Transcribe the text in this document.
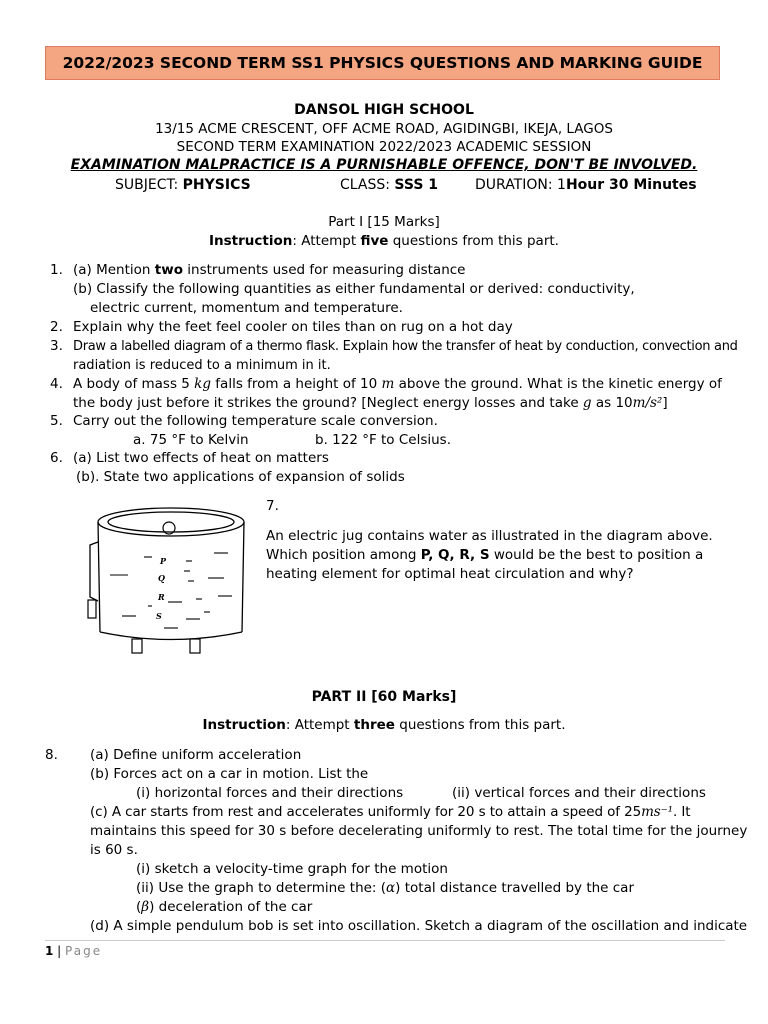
2022/2023 SECOND TERM SS1 PHYSICS QUESTIONS AND MARKING GUIDE
DANSOL HIGH SCHOOL
13/15 ACME CRESCENT, OFF ACME ROAD, AGIDINGBI, IKEJA, LAGOS
SECOND TERM EXAMINATION 2022/2023 ACADEMIC SESSION
EXAMINATION MALPRACTICE IS A PURNISHABLE OFFENCE, DON'T BE INVOLVED.
SUBJECT: PHYSICS	CLASS: SSS 1	DURATION: 1Hour 30 Minutes
Part I [15 Marks]
Instruction: Attempt five questions from this part.
1. (a) Mention two instruments used for measuring distance
(b) Classify the following quantities as either fundamental or derived: conductivity,
electric current, momentum and temperature.
2. Explain why the feet feel cooler on tiles than on rug on a hot day
3. Draw a labelled diagram of a thermo flask. Explain how the transfer of heat by conduction, convection and
radiation is reduced to a minimum in it.
4. A body of mass 5 kg falls from a height of 10 m above the ground. What is the kinetic energy of
the body just before it strikes the ground? [Neglect energy losses and take g as 10m/s²]
5. Carry out the following temperature scale conversion.
a. 75 °F to Kelvin	b. 122 °F to Celsius.
6. (a) List two effects of heat on matters
(b). State two applications of expansion of solids
P
Q
R
S
7.
An electric jug contains water as illustrated in the diagram above.
Which position among P, Q, R, S would be the best to position a
heating element for optimal heat circulation and why?
PART II [60 Marks]
Instruction: Attempt three questions from this part.
8. (a) Define uniform acceleration
(b) Forces act on a car in motion. List the
(i) horizontal forces and their directions	(ii) vertical forces and their directions
(c) A car starts from rest and accelerates uniformly for 20 s to attain a speed of 25ms⁻¹. It
maintains this speed for 30 s before decelerating uniformly to rest. The total time for the journey
is 60 s.
(i) sketch a velocity-time graph for the motion
(ii) Use the graph to determine the: (α) total distance travelled by the car
(β) deceleration of the car
(d) A simple pendulum bob is set into oscillation. Sketch a diagram of the oscillation and indicate
1 | Page
